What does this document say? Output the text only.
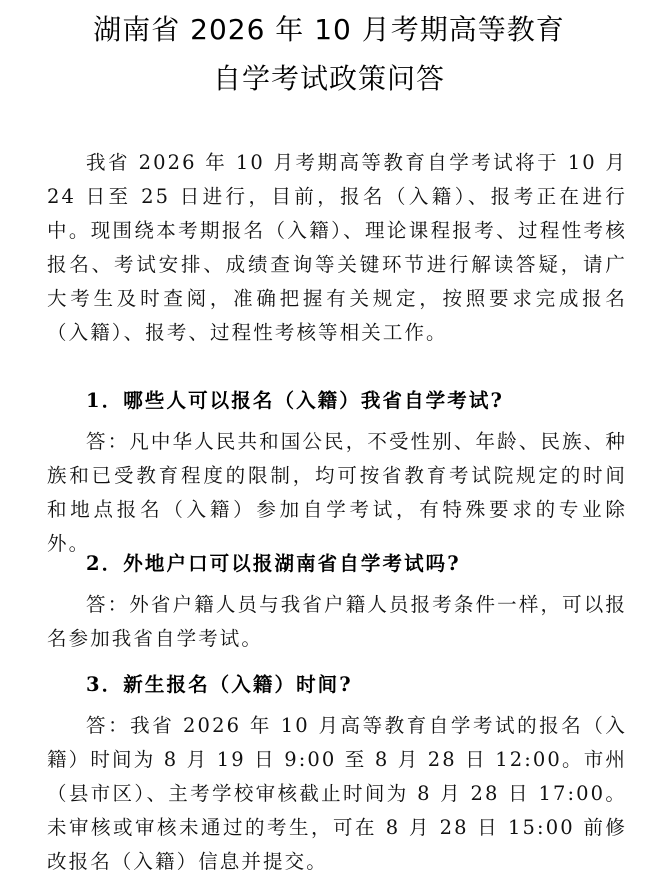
湖南省 2026 年 10 月考期高等教育
自学考试政策问答

我省 2026 年 10 月考期高等教育自学考试将于 10 月 24 日至 25 日进行，目前，报名（入籍）、报考正在进行中。现围绕本考期报名（入籍）、理论课程报考、过程性考核报名、考试安排、成绩查询等关键环节进行解读答疑，请广大考生及时查阅，准确把握有关规定，按照要求完成报名（入籍）、报考、过程性考核等相关工作。

1．哪些人可以报名（入籍）我省自学考试?

答：凡中华人民共和国公民，不受性别、年龄、民族、种族和已受教育程度的限制，均可按省教育考试院规定的时间和地点报名（入籍）参加自学考试，有特殊要求的专业除外。

2．外地户口可以报湖南省自学考试吗?

答：外省户籍人员与我省户籍人员报考条件一样，可以报名参加我省自学考试。

3．新生报名（入籍）时间?

答：我省 2026 年 10 月高等教育自学考试的报名（入籍）时间为 8 月 19 日 9:00 至 8 月 28 日 12:00。市州（县市区）、主考学校审核截止时间为 8 月 28 日 17:00。未审核或审核未通过的考生，可在 8 月 28 日 15:00 前修改报名（入籍）信息并提交。
